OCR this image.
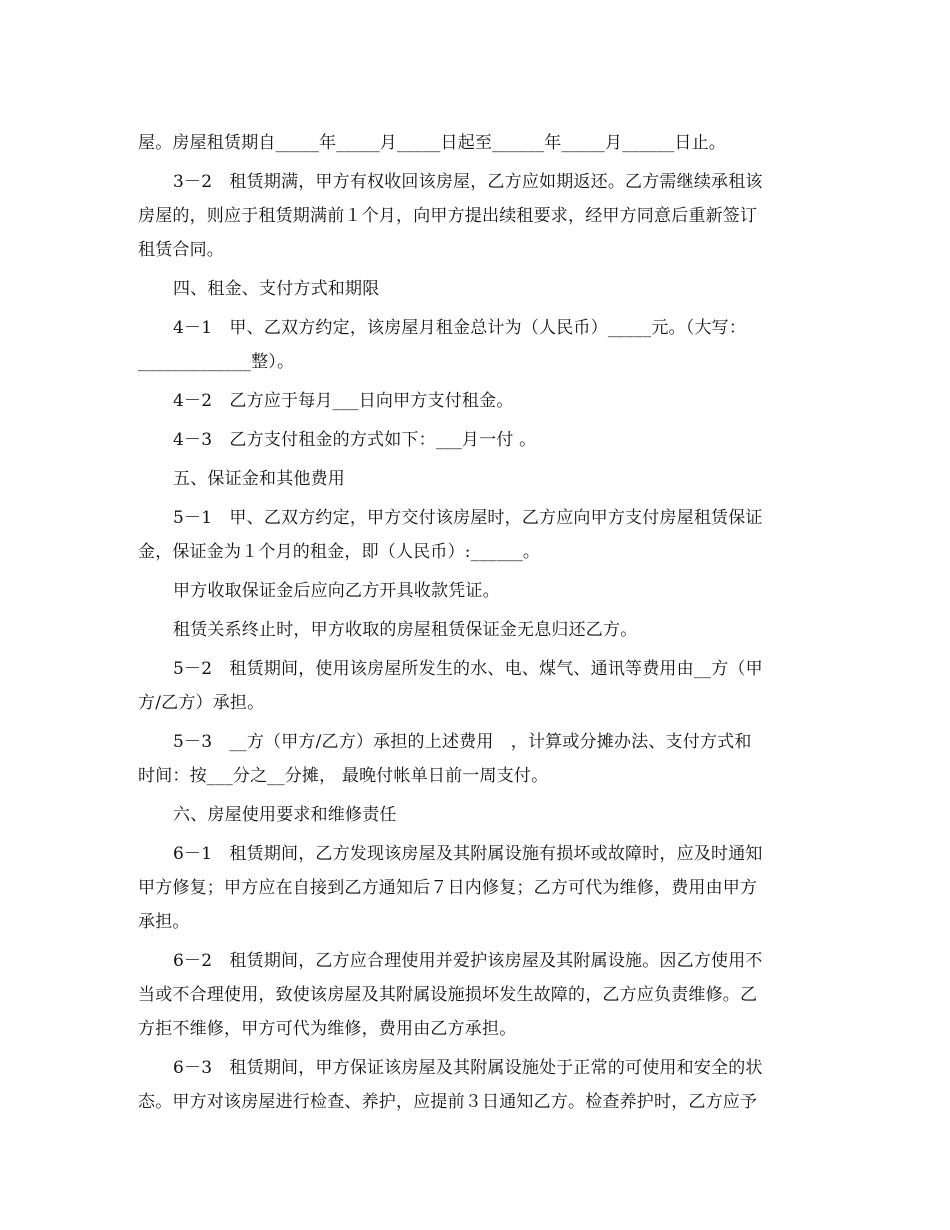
屋。房屋租赁期自_____年_____月_____日起至______年_____月______日止。
3－2　租赁期满，甲方有权收回该房屋，乙方应如期返还。乙方需继续承租该
房屋的，则应于租赁期满前１个月，向甲方提出续租要求，经甲方同意后重新签订
租赁合同。
四、租金、支付方式和期限
4－1　甲、乙双方约定，该房屋月租金总计为（人民币）_____元。（大写：
_____________整）。
4－2　乙方应于每月___日向甲方支付租金。
4－3　乙方支付租金的方式如下：___月一付 。
五、保证金和其他费用
5－1　甲、乙双方约定，甲方交付该房屋时，乙方应向甲方支付房屋租赁保证
金，保证金为１个月的租金，即（人民币）:______。
甲方收取保证金后应向乙方开具收款凭证。
租赁关系终止时，甲方收取的房屋租赁保证金无息归还乙方。
5－2　租赁期间，使用该房屋所发生的水、电、煤气、通讯等费用由__方（甲
方/乙方）承担。
5－3　__方（甲方/乙方）承担的上述费用　，计算或分摊办法、支付方式和
时间：按___分之__分摊， 最晚付帐单日前一周支付。
六、房屋使用要求和维修责任
6－1　租赁期间，乙方发现该房屋及其附属设施有损坏或故障时，应及时通知
甲方修复；甲方应在自接到乙方通知后７日内修复；乙方可代为维修，费用由甲方
承担。
6－2　租赁期间，乙方应合理使用并爱护该房屋及其附属设施。因乙方使用不
当或不合理使用，致使该房屋及其附属设施损坏发生故障的，乙方应负责维修。乙
方拒不维修，甲方可代为维修，费用由乙方承担。
6－3　租赁期间，甲方保证该房屋及其附属设施处于正常的可使用和安全的状
态。甲方对该房屋进行检查、养护，应提前３日通知乙方。检查养护时，乙方应予
